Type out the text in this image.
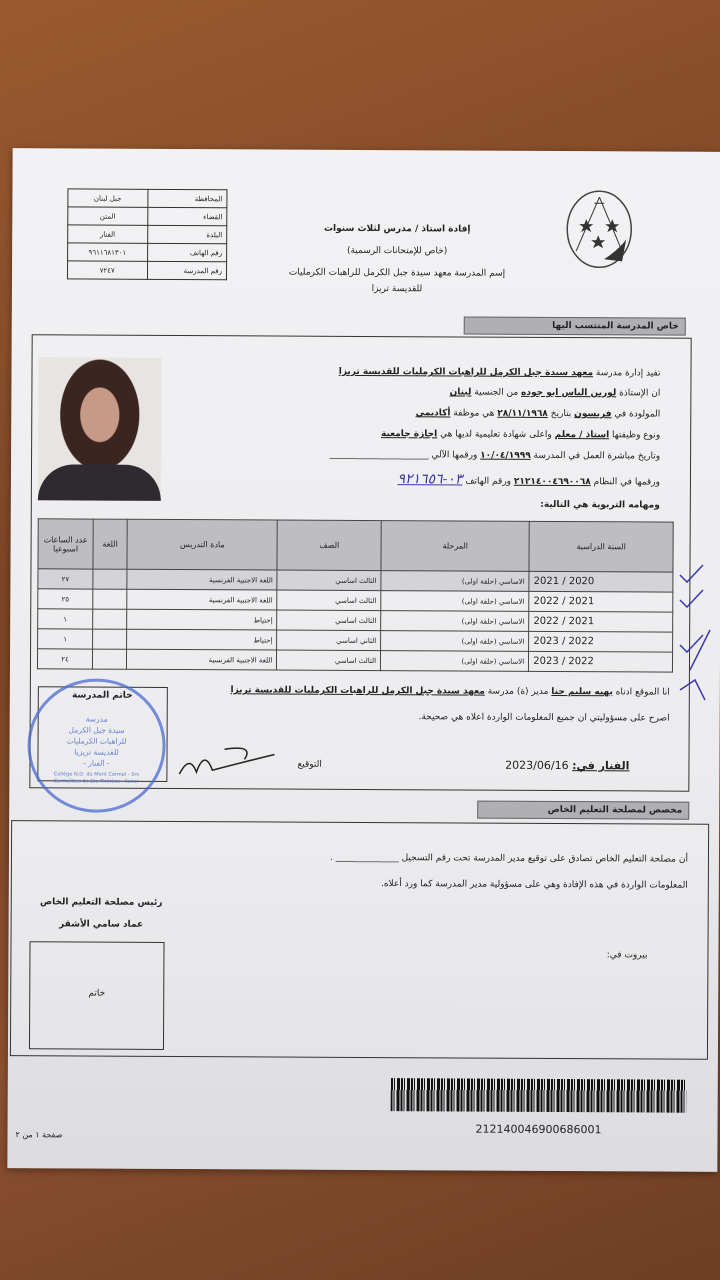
المحافظة	جبل لبنان
القضاء	المتن
البلدة	الفنار
رقم الهاتف	٩٦١١٦٨١٣٠١
رقم المدرسة	٧٢٤٧
إفادة استاذ / مدرس لثلاث سنوات
(خاص للإمتحانات الرسمية)
إسم المدرسة معهد سيدة جبل الكرمل للراهبات الكرمليات
للقديسة تريزا
خاص المدرسة المنتسب اليها
تفيد إدارة مدرسة معهد سيدة جبل الكرمل للراهبات الكرمليات للقديسة تريزا
ان الإستاذة لورين الياس ابو جوده من الجنسية لبنان
المولودة في فريسون بتاريخ ٢٨/١١/١٩٦٨ هي موظفة أكاديمي
ونوع وظيفتها استاذ / معلم واعلى شهادة تعليمية لديها هي اجازة جامعية
وتاريخ مباشرة العمل في المدرسة ١٠/٠٤/١٩٩٩ ورقمها الآلي ______________________
ورقمها في النظام ٢١٢١٤٠٠٤٦٩٠٠٦٨ ورقم الهاتف ٠٣-٩٢١٦٥٦
ومهامه التربوية هي التالية:
السنة الدراسية	المرحلة	الصف	مادة التدريس	اللغة	عدد الساعات اسبوعيا
2020 / 2021	الاساسي (حلقة اولى)	الثالث اساسي	اللغة الاجنبية الفرنسية		٢٧
2021 / 2022	الاساسي (حلقة اولى)	الثالث اساسي	اللغة الاجنبية الفرنسية		٢٥
2021 / 2022	الاساسي (حلقة اولى)	الثالث اساسي	إحتياط		١
2022 / 2023	الاساسي (حلقة اولى)	الثاني اساسي	إحتياط		١
2022 / 2023	الاساسي (حلقة اولى)	الثالث اساسي	اللغة الاجنبية الفرنسية		٢٤
انا الموقع ادناه بهيه سليم حنا مدير (ة) مدرسة معهد سيدة جبل الكرمل للراهبات الكرمليات للقديسة تريزا
اصرح على مسؤوليتي ان جميع المعلومات الواردة اعلاه هي صحيحة.
الفنار في: 2023/06/16
التوقيع
خاتم المدرسة
مدرسة
سيدة جبل الكرمل
للراهبات الكرمليات
للقديسة تريزيا
- الفنار -
Collège N.D. du Mont Carmel - Srs Carmélites de Ste Thérèse - Fanar
مخصص لمصلحة التعليم الخاص
أن مصلحة التعليم الخاص تصادق على توقيع مدير المدرسة تحت رقم التسجيل ______________ .
المعلومات الواردة في هذه الإفادة وهي على مسؤولية مدير المدرسة كما ورد أعلاه.
رئيس مصلحة التعليم الخاص
عماد سامي الأشقر
خاتم
بيروت في:
212140046900686001
صفحة ١ من ٢
